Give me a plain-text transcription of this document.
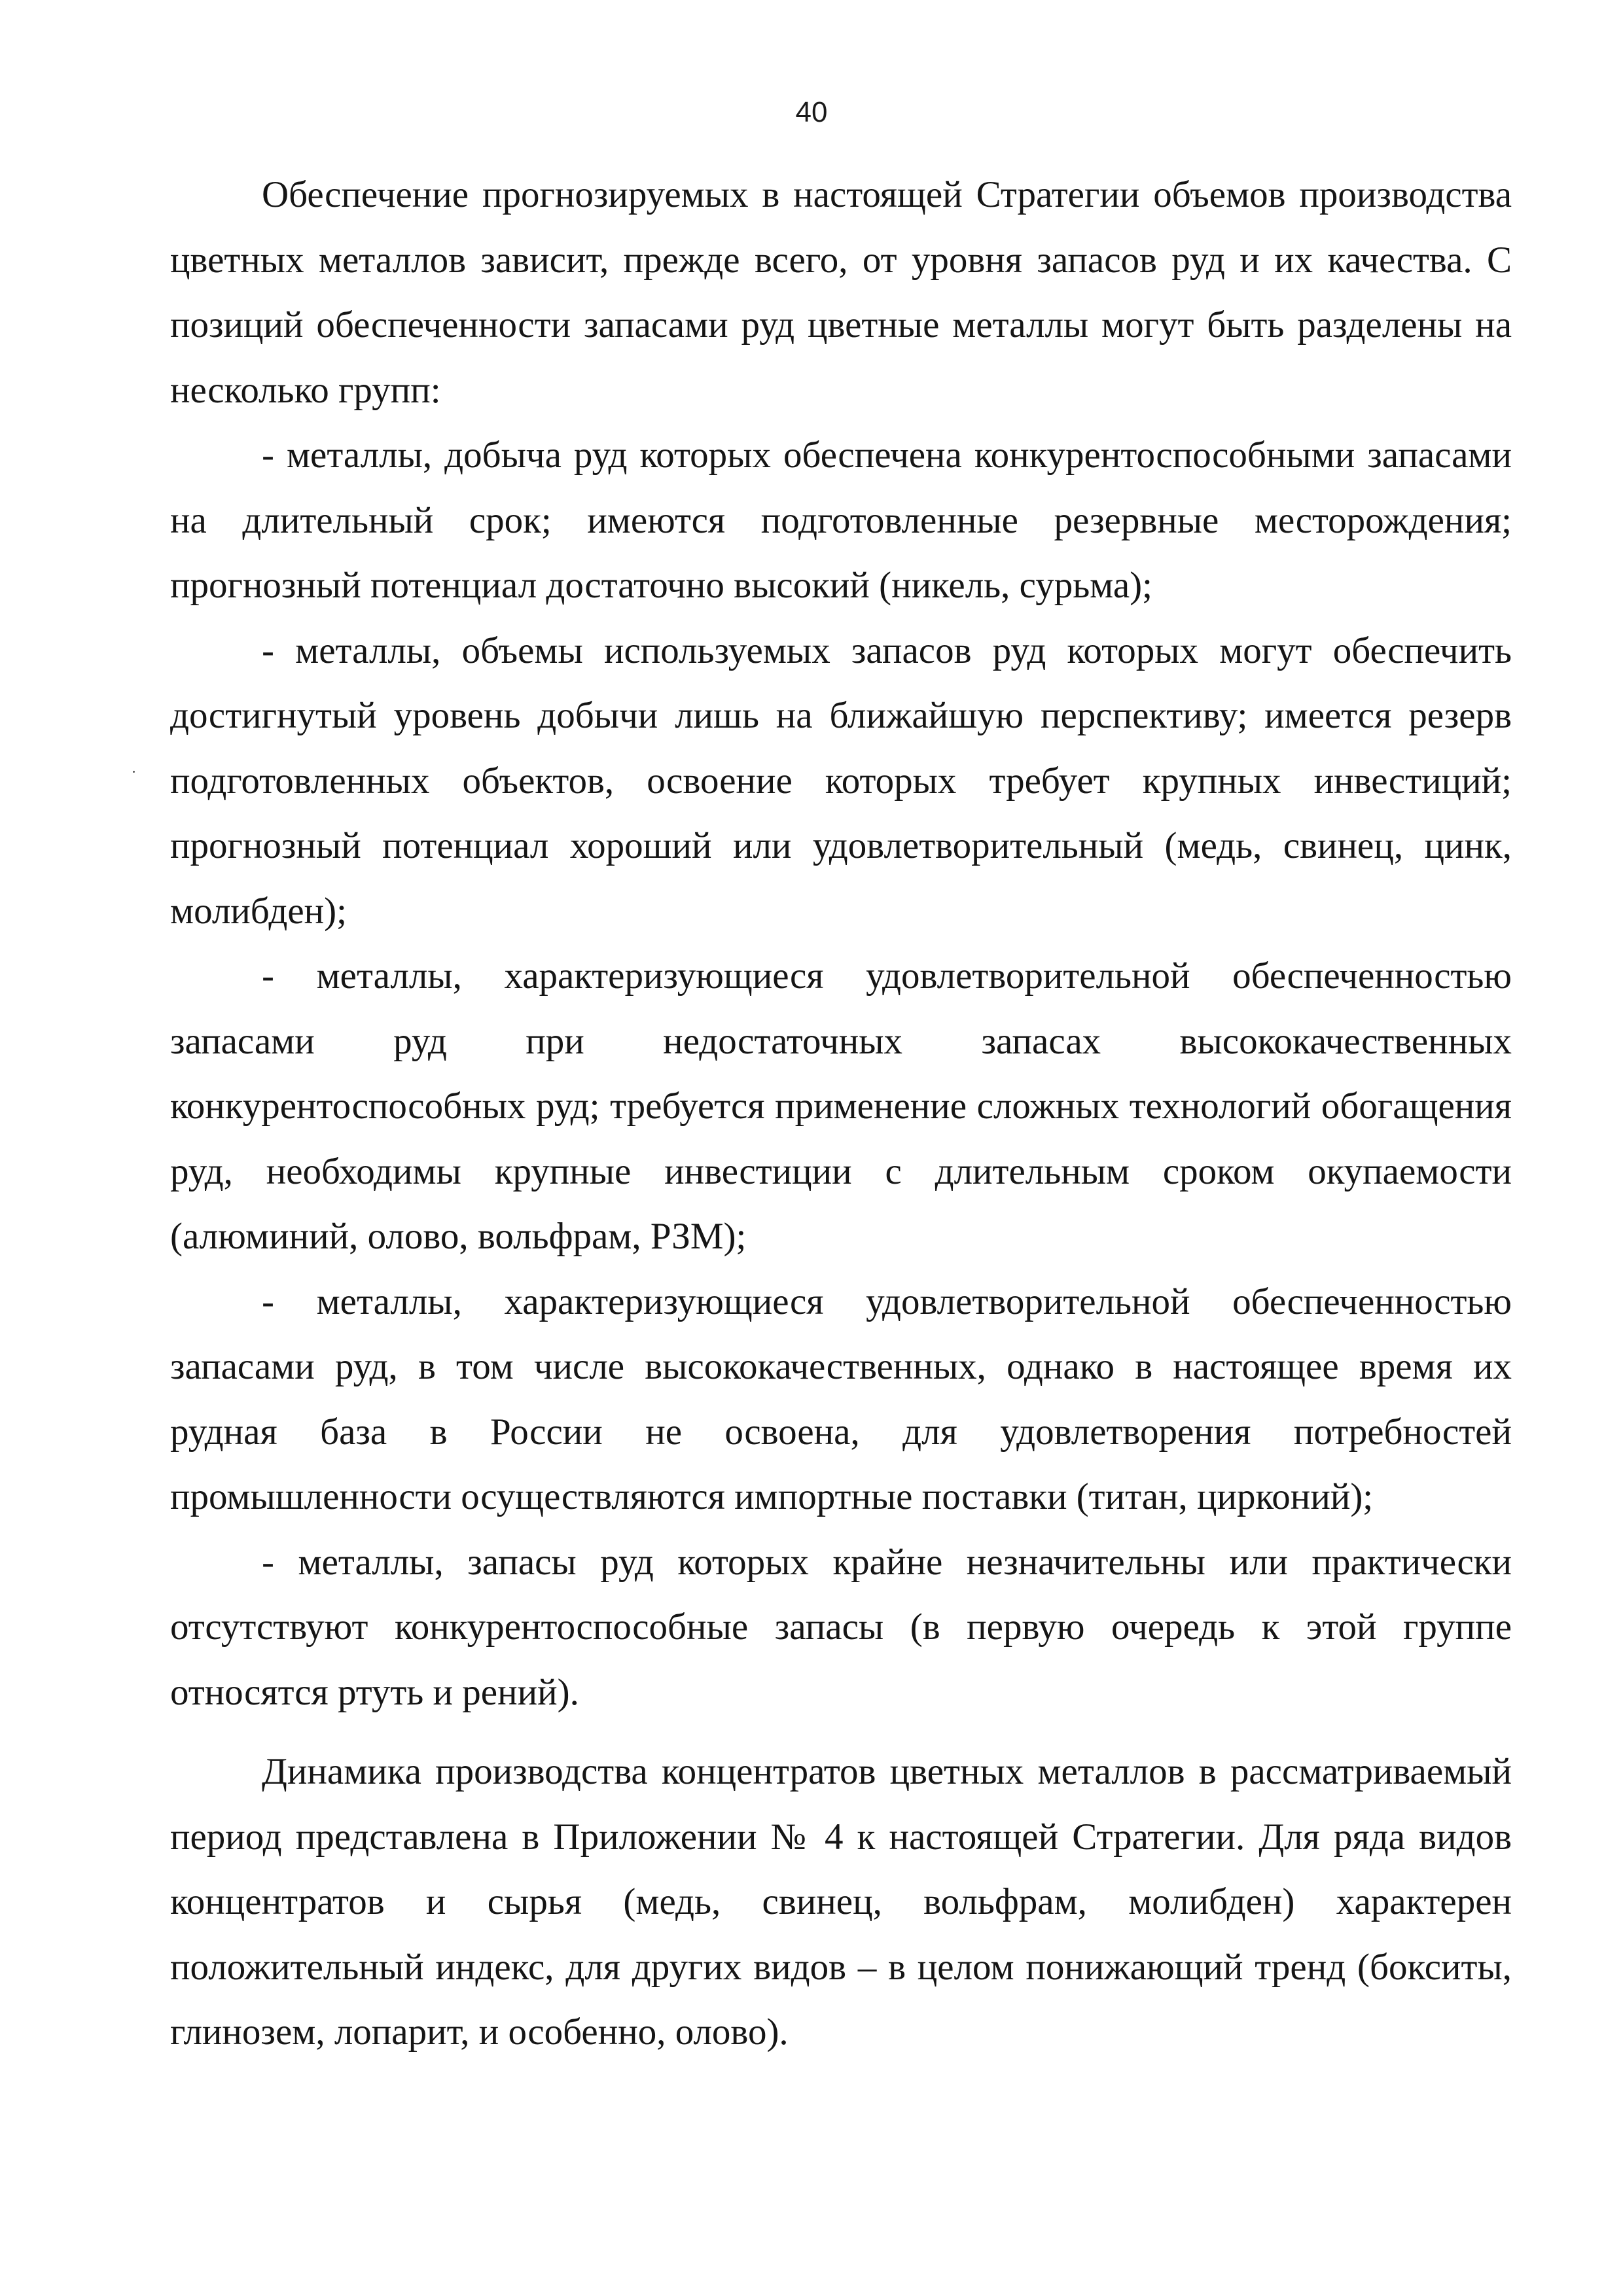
40

Обеспечение прогнозируемых в настоящей Стратегии объемов производства цветных металлов зависит, прежде всего, от уровня запасов руд и их качества. С позиций обеспеченности запасами руд цветные металлы могут быть разделены на несколько групп:

- металлы, добыча руд которых обеспечена конкурентоспособными запасами на длительный срок; имеются подготовленные резервные месторождения; прогнозный потенциал достаточно высокий (никель, сурьма);

- металлы, объемы используемых запасов руд которых могут обеспечить достигнутый уровень добычи лишь на ближайшую перспективу; имеется резерв подготовленных объектов, освоение которых требует крупных инвестиций; прогнозный потенциал хороший или удовлетворительный (медь, свинец, цинк, молибден);

- металлы, характеризующиеся удовлетворительной обеспеченностью запасами руд при недостаточных запасах высококачественных конкурентоспособных руд; требуется применение сложных технологий обогащения руд, необходимы крупные инвестиции с длительным сроком окупаемости (алюминий, олово, вольфрам, РЗМ);

- металлы, характеризующиеся удовлетворительной обеспеченностью запасами руд, в том числе высококачественных, однако в настоящее время их рудная база в России не освоена, для удовлетворения потребностей промышленности осуществляются импортные поставки (титан, цирконий);

- металлы, запасы руд которых крайне незначительны или практически отсутствуют конкурентоспособные запасы (в первую очередь к этой группе относятся ртуть и рений).

Динамика производства концентратов цветных металлов в рассматриваемый период представлена в Приложении № 4 к настоящей Стратегии. Для ряда видов концентратов и сырья (медь, свинец, вольфрам, молибден) характерен положительный индекс, для других видов – в целом понижающий тренд (бокситы, глинозем, лопарит, и особенно, олово).
